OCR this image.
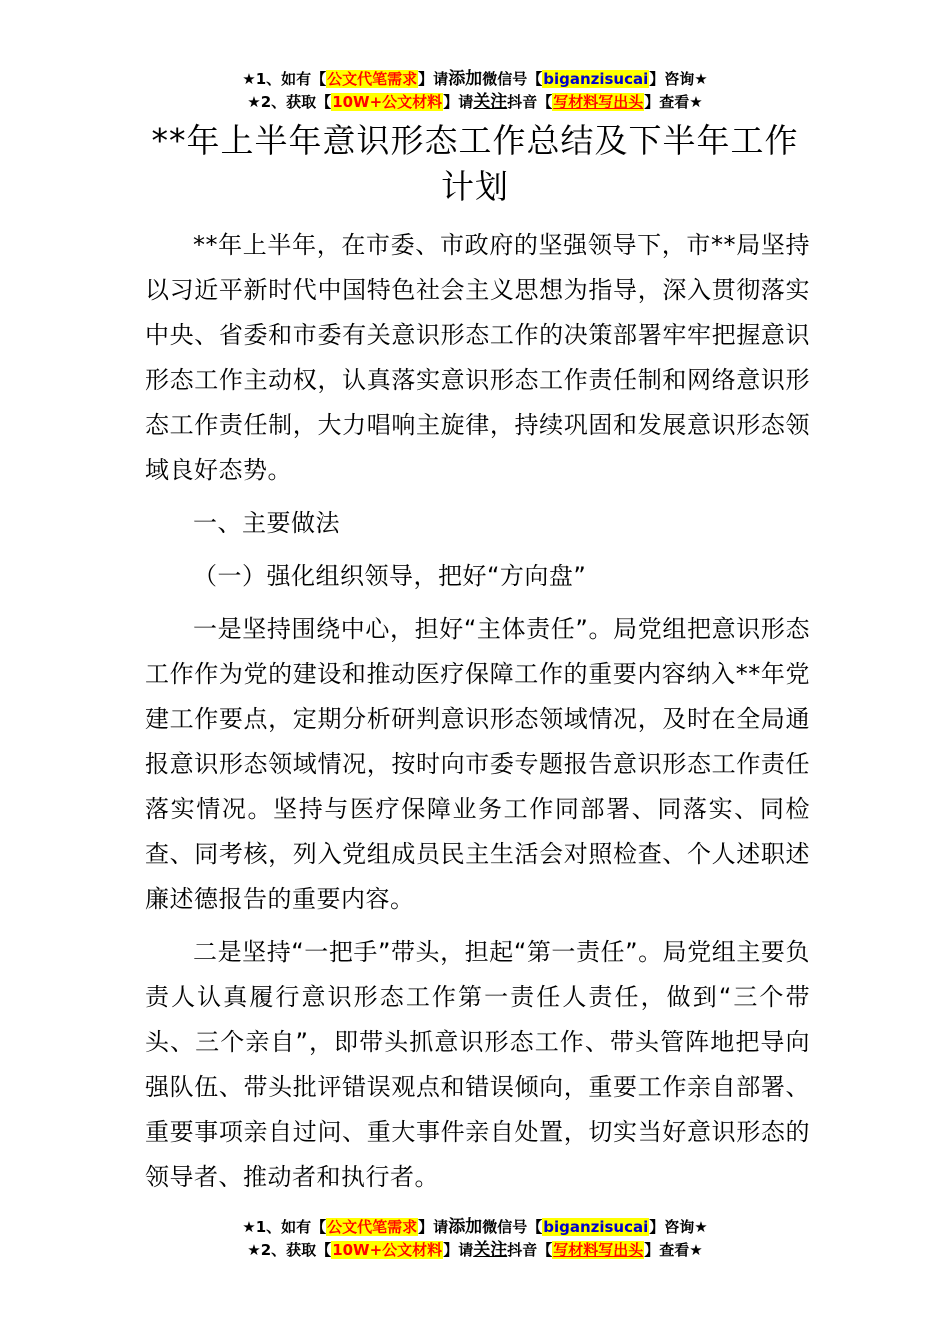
★1、如有【公文代笔需求】请添加微信号【biganzisucai】咨询★
★2、获取【10W+公文材料】请关注抖音【写材料写出头】查看★
**年上半年意识形态工作总结及下半年工作计划

**年上半年，在市委、市政府的坚强领导下，市**局坚持以习近平新时代中国特色社会主义思想为指导，深入贯彻落实中央、省委和市委有关意识形态工作的决策部署牢牢把握意识形态工作主动权，认真落实意识形态工作责任制和网络意识形态工作责任制，大力唱响主旋律，持续巩固和发展意识形态领域良好态势。

一、主要做法

（一）强化组织领导，把好“方向盘”

一是坚持围绕中心，担好“主体责任”。局党组把意识形态工作作为党的建设和推动医疗保障工作的重要内容纳入**年党建工作要点，定期分析研判意识形态领域情况，及时在全局通报意识形态领域情况，按时向市委专题报告意识形态工作责任落实情况。坚持与医疗保障业务工作同部署、同落实、同检查、同考核，列入党组成员民主生活会对照检查、个人述职述廉述德报告的重要内容。

二是坚持“一把手”带头，担起“第一责任”。局党组主要负责人认真履行意识形态工作第一责任人责任，做到“三个带头、三个亲自”，即带头抓意识形态工作、带头管阵地把导向强队伍、带头批评错误观点和错误倾向，重要工作亲自部署、重要事项亲自过问、重大事件亲自处置，切实当好意识形态的领导者、推动者和执行者。

★1、如有【公文代笔需求】请添加微信号【biganzisucai】咨询★
★2、获取【10W+公文材料】请关注抖音【写材料写出头】查看★
